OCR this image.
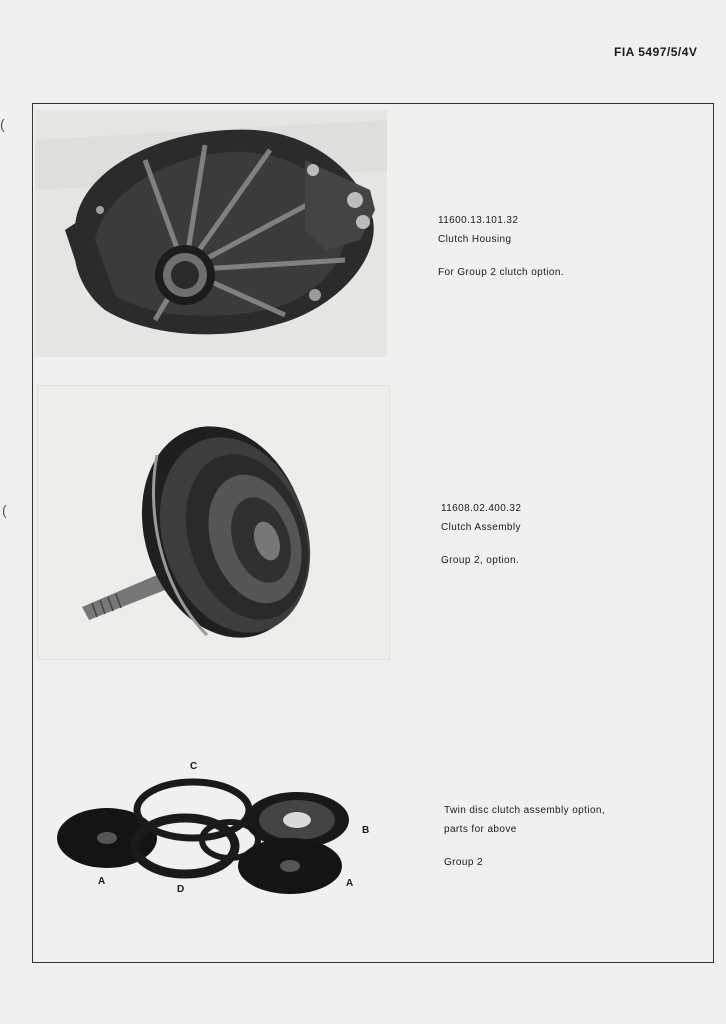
(
(
FIA 5497/5/4V
11600.13.101.32
Clutch Housing
For Group 2 clutch option.
11608.02.400.32
Clutch Assembly
Group 2, option.
C
B
A
D
A
Twin disc clutch assembly option,
parts for above
Group 2
